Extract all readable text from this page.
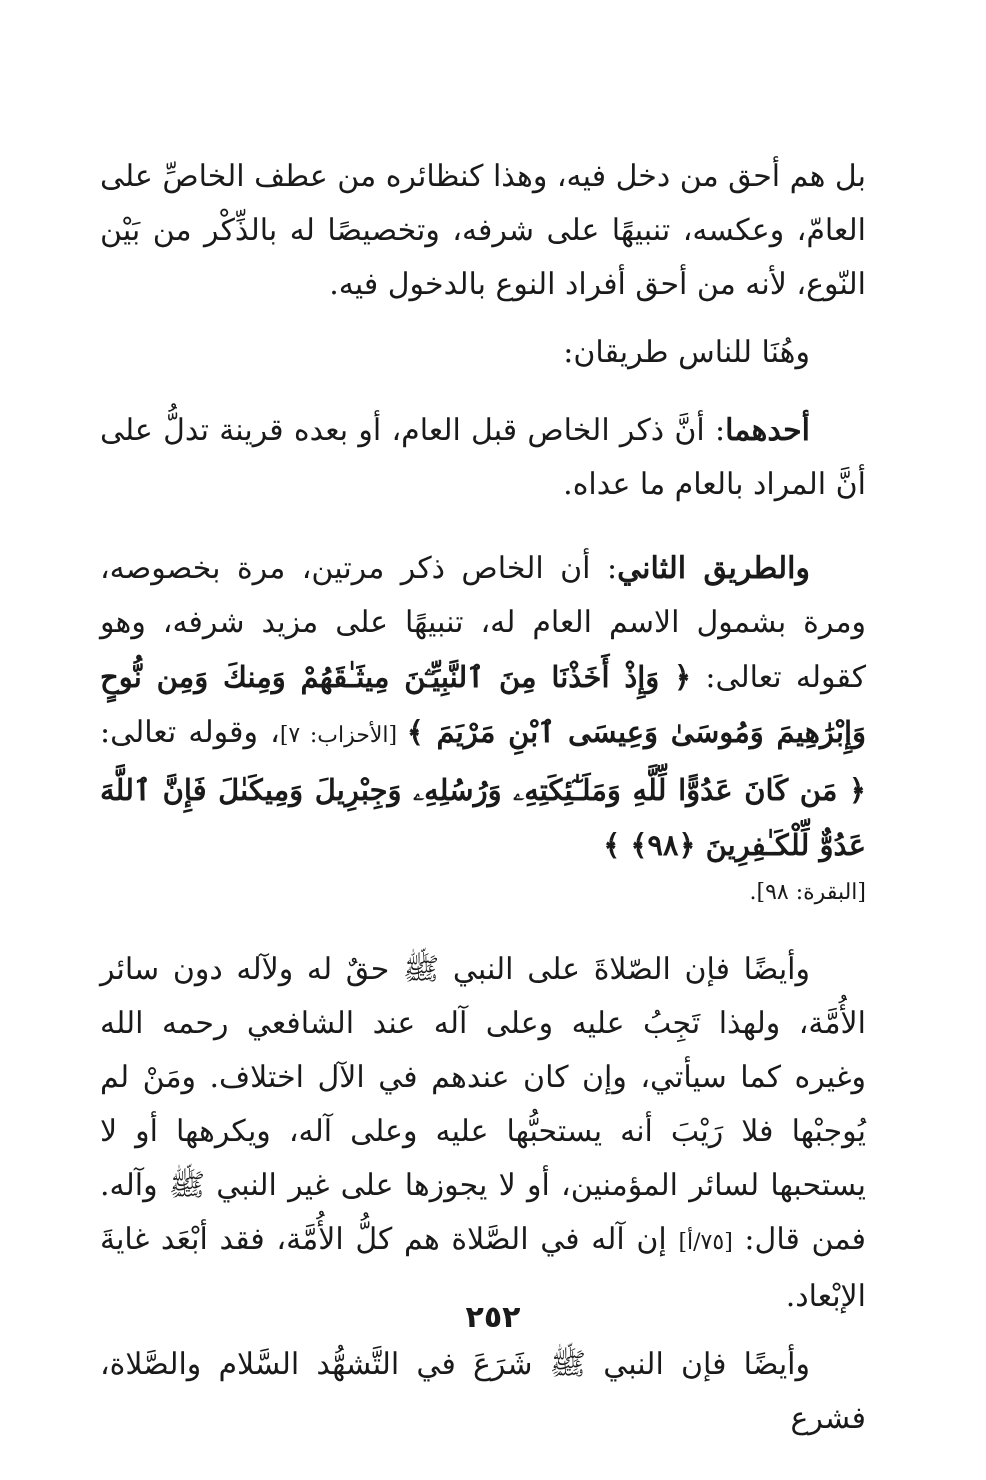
بل هم أحق من دخل فيه، وهذا كنظائره من عطف الخاصِّ على العامّ، وعكسه، تنبيهًا على شرفه، وتخصيصًا له بالذِّكْر من بَيْن النّوع، لأنه من أحق أفراد النوع بالدخول فيه.

وهُنَا للناس طريقان:

أحدهما: أنَّ ذكر الخاص قبل العام، أو بعده قرينة تدلُّ على أنَّ المراد بالعام ما عداه.

والطريق الثاني: أن الخاص ذكر مرتين، مرة بخصوصه، ومرة بشمول الاسم العام له، تنبيهًا على مزيد شرفه، وهو كقوله تعالى: ﴿ وَإِذْ أَخَذْنَا مِنَ ٱلنَّبِيِّـۧنَ مِيثَـٰقَهُمْ وَمِنكَ وَمِن نُّوحٍ وَإِبْرَٰهِيمَ وَمُوسَىٰ وَعِيسَى ٱبْنِ مَرْيَمَ ﴾ [الأحزاب: ٧]، وقوله تعالى: ﴿ مَن كَانَ عَدُوًّا لِّلَّهِ وَمَلَـٰٓئِكَتِهِۦ وَرُسُلِهِۦ وَجِبْرِيلَ وَمِيكَىٰلَ فَإِنَّ ٱللَّهَ عَدُوٌّ لِّلْكَـٰفِرِينَ ﴿٩٨﴾ ﴾

[البقرة: ٩٨].

وأيضًا فإن الصّلاةَ على النبي ﷺ حقٌ له ولآله دون سائر الأُمَّة، ولهذا تَجِبُ عليه وعلى آله عند الشافعي رحمه الله وغيره كما سيأتي، وإن كان عندهم في الآل اختلاف. ومَنْ لم يُوجبْها فلا رَيْبَ أنه يستحبُّها عليه وعلى آله، ويكرهها أو لا يستحبها لسائر المؤمنين، أو لا يجوزها على غير النبي ﷺ وآله. فمن قال: [٧٥/أ] إن آله في الصَّلاة هم كلُّ الأُمَّة، فقد أبْعَد غايةَ الإبْعاد.

وأيضًا فإن النبي ﷺ شَرَعَ في التَّشهُّد السَّلام والصَّلاة، فشرع

٢٥٢
